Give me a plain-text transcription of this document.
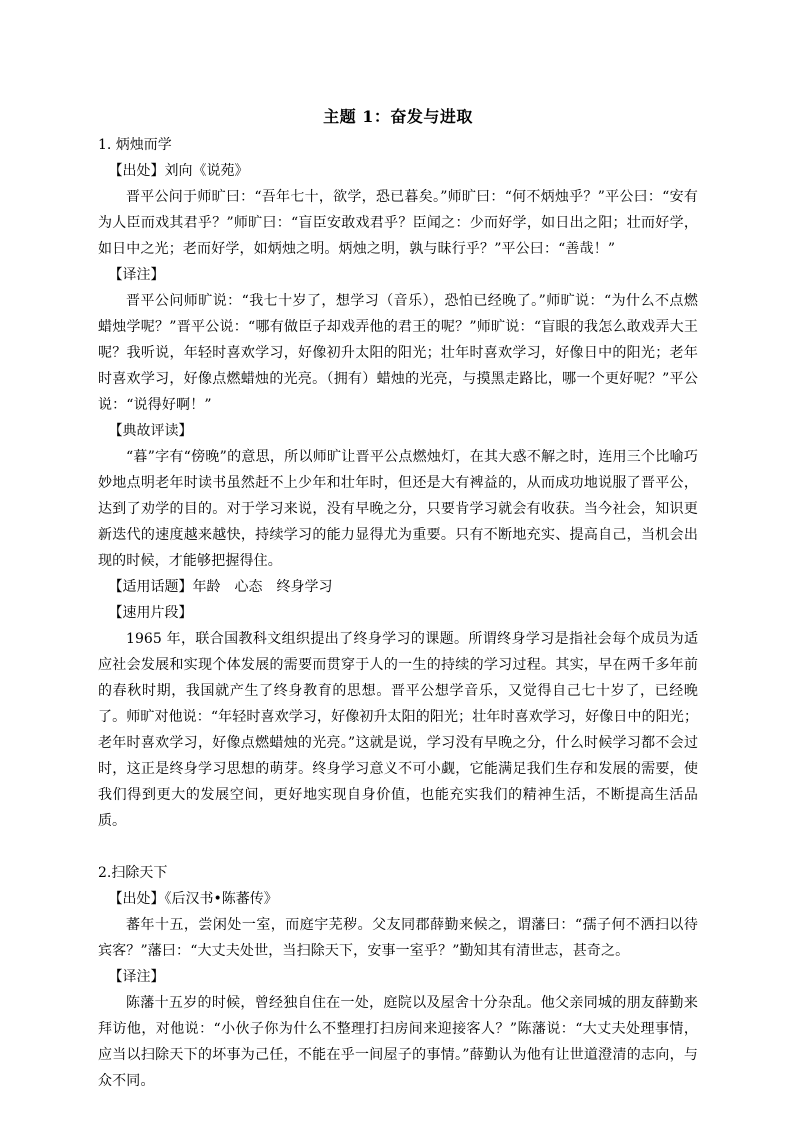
主题 1：奋发与进取
1. 炳烛而学
【出处】刘向《说苑》

晋平公问于师旷曰：“吾年七十，欲学，恐已暮矣。”师旷曰：“何不炳烛乎？”平公曰：“安有为人臣而戏其君乎？”师旷曰：“盲臣安敢戏君乎？臣闻之：少而好学，如日出之阳；壮而好学，如日中之光；老而好学，如炳烛之明。炳烛之明，孰与昧行乎？”平公曰：“善哉！”

【译注】

晋平公问师旷说：“我七十岁了，想学习（音乐），恐怕已经晚了。”师旷说：“为什么不点燃蜡烛学呢？”晋平公说：“哪有做臣子却戏弄他的君王的呢？”师旷说：“盲眼的我怎么敢戏弄大王呢？我听说，年轻时喜欢学习，好像初升太阳的阳光；壮年时喜欢学习，好像日中的阳光；老年时喜欢学习，好像点燃蜡烛的光亮。（拥有）蜡烛的光亮，与摸黑走路比，哪一个更好呢？”平公说：“说得好啊！”

【典故评读】

“暮”字有“傍晚”的意思，所以师旷让晋平公点燃烛灯，在其大惑不解之时，连用三个比喻巧妙地点明老年时读书虽然赶不上少年和壮年时，但还是大有裨益的，从而成功地说服了晋平公，达到了劝学的目的。对于学习来说，没有早晚之分，只要肯学习就会有收获。当今社会，知识更新迭代的速度越来越快，持续学习的能力显得尤为重要。只有不断地充实、提高自己，当机会出现的时候，才能够把握得住。

【适用话题】年龄　心态　终身学习
【速用片段】

1965 年，联合国教科文组织提出了终身学习的课题。所谓终身学习是指社会每个成员为适应社会发展和实现个体发展的需要而贯穿于人的一生的持续的学习过程。其实，早在两千多年前的春秋时期，我国就产生了终身教育的思想。晋平公想学音乐，又觉得自己七十岁了，已经晚了。师旷对他说：“年轻时喜欢学习，好像初升太阳的阳光；壮年时喜欢学习，好像日中的阳光；老年时喜欢学习，好像点燃蜡烛的光亮。”这就是说，学习没有早晚之分，什么时候学习都不会过时，这正是终身学习思想的萌芽。终身学习意义不可小觑，它能满足我们生存和发展的需要，使我们得到更大的发展空间，更好地实现自身价值，也能充实我们的精神生活，不断提高生活品质。

2.扫除天下
【出处】《后汉书•陈蕃传》

蕃年十五，尝闲处一室，而庭宇芜秽。父友同郡薛勤来候之，谓藩曰：“孺子何不洒扫以待宾客？”藩曰：“大丈夫处世，当扫除天下，安事一室乎？”勤知其有清世志，甚奇之。

【译注】

陈藩十五岁的时候，曾经独自住在一处，庭院以及屋舍十分杂乱。他父亲同城的朋友薛勤来拜访他，对他说：“小伙子你为什么不整理打扫房间来迎接客人？”陈藩说：“大丈夫处理事情，应当以扫除天下的坏事为己任，不能在乎一间屋子的事情。”薛勤认为他有让世道澄清的志向，与众不同。
